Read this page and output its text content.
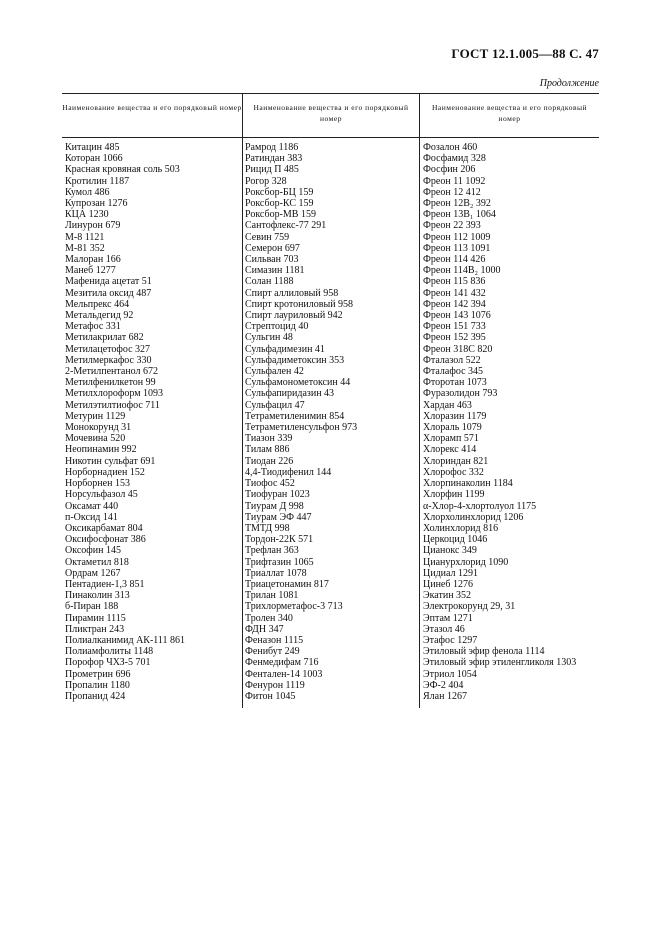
ГОСТ 12.1.005—88 С. 47
Продолжение
Наименование вещества и его порядковый номер	Наименование вещества и его порядковый номер
Наименование вещества и его порядковый номер
Китацин 485
Которан 1066
Красная кровяная соль 503
Кротилин 1187
Кумол 486
Купрозан 1276
КЦА 1230
Линурон 679
М-8 1121
М-81 352
Малоран 166
Манеб 1277
Мафенида ацетат 51
Мезитила оксид 487
Мельпрекс 464
Метальдегид 92
Метафос 331
Метилакрилат 682
Метилацетофос 327
Метилмеркафос 330
2-Метилпентанол 672
Метилфенилкетон 99
Метилхлороформ 1093
Метилэтилтиофос 711
Метурин 1129
Монокорунд 31
Мочевина 520
Неопинамин 992
Никотин сульфат 691
Норборнадиен 152
Норборнен 153
Норсульфазол 45
Оксамат 440
п-Оксид 141
Оксикарбамат 804
Оксифосфонат 386
Оксофин 145
Октаметил 818
Ордрам 1267
Пентадиен-1,3 851
Пинаколин 313
б-Пиран 188
Пирамин 1115
Пликтран 243
Полиалканимид АК-111 861
Полиамфолиты 1148
Порофор ЧХЗ-5 701
Прометрин 696
Пропалин 1180
Пропанид 424
Рамрод 1186
Ратиндан 383
Рицид П 485
Рогор 328
Роксбор-БЦ 159
Роксбор-КС 159
Роксбор-МВ 159
Сантофлекс-77 291
Севин 759
Семерон 697
Сильван 703
Симазин 1181
Солан 1188
Спирт аллиловый 958
Спирт кротониловый 958
Спирт лауриловый 942
Стрептоцид 40
Сульгин 48
Сульфадимезин 41
Сульфадиметоксин 353
Сульфален 42
Сульфамонометоксин 44
Сульфапиридазин 43
Сульфацил 47
Тетраметиленимин 854
Тетраметиленсульфон 973
Тиазон 339
Тилам 886
Тиодан 226
4,4-Тиодифенил 144
Тиофос 452
Тиофуран 1023
Тиурам Д 998
Тиурам ЭФ 447
ТМТД 998
Тордон-22К 571
Трефлан 363
Трифтазин 1065
Триаллат 1078
Триацетонамин 817
Трилан 1081
Трихлорметафос-3 713
Тролен 340
ФДН 347
Феназон 1115
Фенибут 249
Фенмедифам 716
Фентален-14 1003
Фенурон 1119
Фитон 1045
Фозалон 460
Фосфамид 328
Фосфин 206
Фреон 11 1092
Фреон 12 412
Фреон 12В₂ 392
Фреон 13В₁ 1064
Фреон 22 393
Фреон 112 1009
Фреон 113 1091
Фреон 114 426
Фреон 114В₂ 1000
Фреон 115 836
Фреон 141 432
Фреон 142 394
Фреон 143 1076
Фреон 151 733
Фреон 152 395
Фреон 318С 820
Фталазол 522
Фталафос 345
Фторотан 1073
Фуразолидон 793
Хардан 463
Хлоразин 1179
Хлораль 1079
Хлорамп 571
Хлорекс 414
Хлориндан 821
Хлорофос 332
Хлорпинаколин 1184
Хлорфин 1199
α-Хлор-4-хлортолуол 1175
Хлорхолинхлорид 1206
Холинхлорид 816
Церкоцид 1046
Цианокс 349
Цианурхлорид 1090
Цидиал 1291
Цинеб 1276
Экатин 352
Электрокорунд 29, 31
Эптам 1271
Этазол 46
Этафос 1297
Этиловый эфир фенола 1114
Этиловый эфир этиленгликоля 1303
Этриол 1054
ЭФ-2 404
Ялан 1267
